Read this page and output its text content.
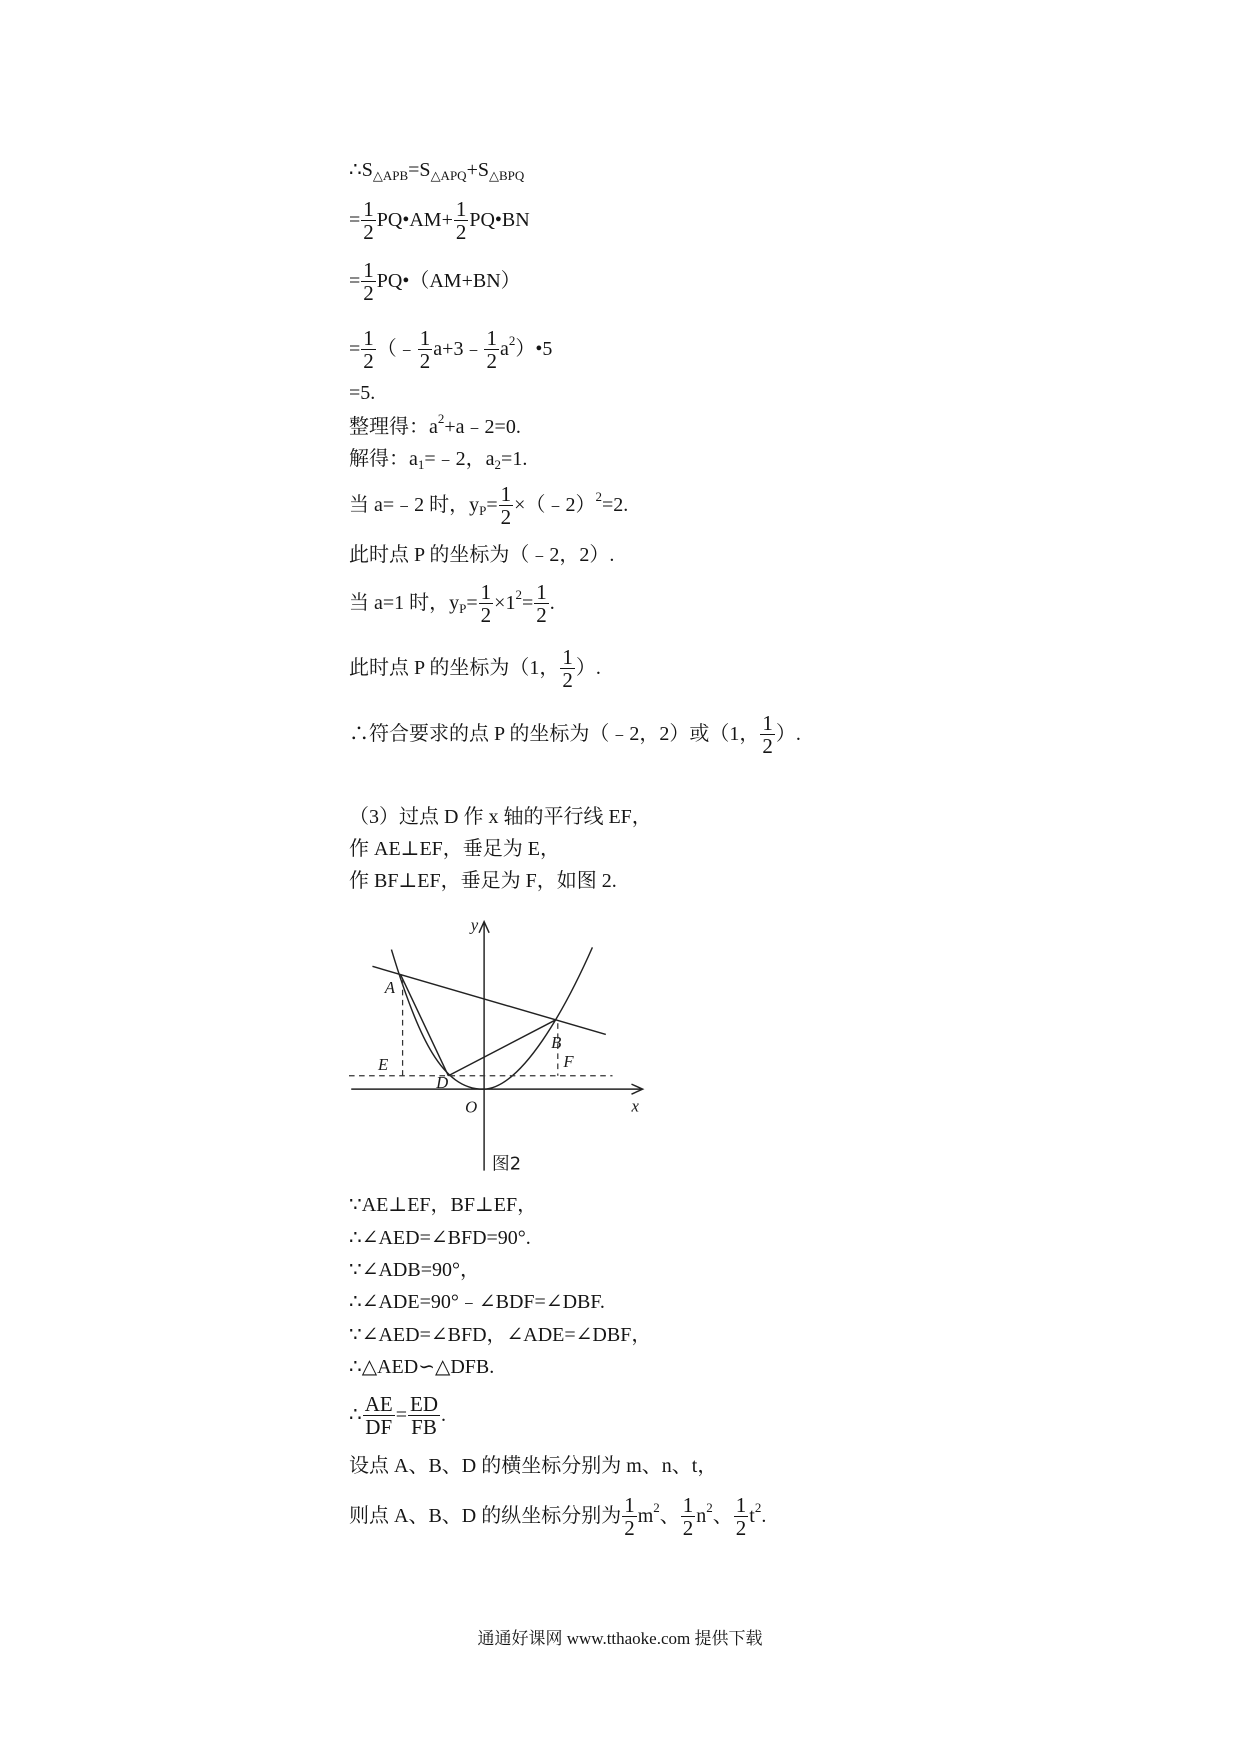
∴S △APB =S △APQ +S △BPQ
= $\frac{1}{2}$ PQ•AM+ $\frac{1}{2}$ PQ•BN
= $\frac{1}{2}$ PQ•（AM+BN）
= $\frac{1}{2}$ （﹣ $\frac{1}{2}$ a+3﹣ $\frac{1}{2}$ a 2 ）•5
=5.
整理得：a 2 +a﹣2=0.
解得：a 1 =﹣2，a 2 =1.
当 a=﹣2 时，y $P = \frac{1}{2}$ ×（﹣2） 2 =2.
此时点 P 的坐标为（﹣2，2）.
当 a=1 时，y $P = \frac{1}{2} \times 1$ $2 = \frac{1}{2}$ .
此时点 P 的坐标为（1， $\frac{1}{2}$ ）.
∴符合要求的点 P 的坐标为（﹣2，2）或（1， $\frac{1}{2}$ ）.
（3）过点 D 作 x 轴的平行线 EF，
作 AE⊥EF，垂足为 E，
作 BF⊥EF，垂足为 F，如图 2.
y
x
O
A
B
D
E	F
图2
∵AE⊥EF，BF⊥EF，
∴∠AED=∠BFD=90°.
∵∠ADB=90°，
∴∠ADE=90°﹣∠BDF=∠DBF.
∵∠AED=∠BFD，∠ADE=∠DBF，
∴△AED∽△DFB.
∴ $\frac{AE}{DF} = \frac{ED}{FB}$ .
设点 A、B、D 的横坐标分别为 m、n、t，
则点 A、B、D 的纵坐标分别为 $\frac{1}{2}$ m 2 、 $\frac{1}{2}$ n 2 、 $\frac{1}{2}$ t 2 .
通通好课网 www.tthaoke.com 提供下载
